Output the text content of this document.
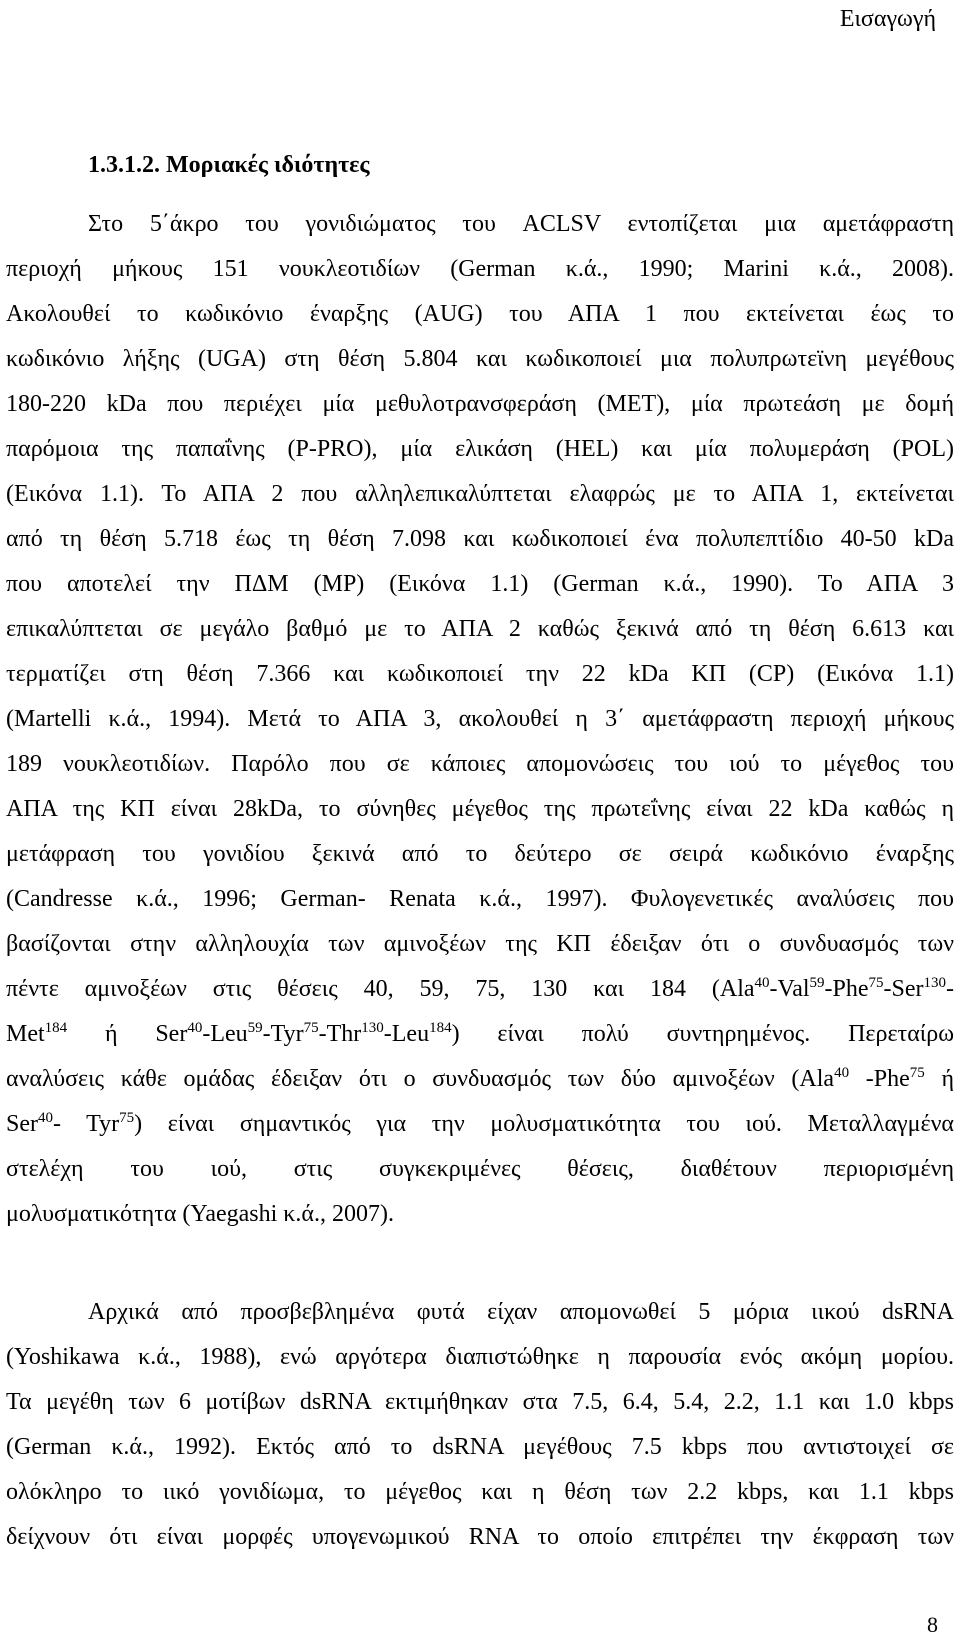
Εισαγωγή
1.3.1.2. Μοριακές ιδιότητες
Στο 5΄άκρο του γονιδιώματος του ACLSV εντοπίζεται μια αμετάφραστη
περιοχή μήκους 151 νουκλεοτιδίων (German κ.ά., 1990; Marini κ.ά., 2008).
Ακολουθεί το κωδικόνιο έναρξης (AUG) του ΑΠΑ 1 που εκτείνεται έως το
κωδικόνιο λήξης (UGA) στη θέση 5.804 και κωδικοποιεί μια πολυπρωτεϊνη μεγέθους
180-220 kDa που περιέχει μία μεθυλοτρανσφεράση (MET), μία πρωτεάση με δομή
παρόμοια της παπαΐνης (P-PRO), μία ελικάση (HEL) και μία πολυμεράση (POL)
(Εικόνα 1.1). Το ΑΠΑ 2 που αλληλεπικαλύπτεται ελαφρώς με το ΑΠΑ 1, εκτείνεται
από τη θέση 5.718 έως τη θέση 7.098 και κωδικοποιεί ένα πολυπεπτίδιο 40-50 kDa
που αποτελεί την ΠΔΜ (MP) (Εικόνα 1.1) (German κ.ά., 1990). Το ΑΠΑ 3
επικαλύπτεται σε μεγάλο βαθμό με το ΑΠΑ 2 καθώς ξεκινά από τη θέση 6.613 και
τερματίζει στη θέση 7.366 και κωδικοποιεί την 22 kDa ΚΠ (CP) (Εικόνα 1.1)
(Martelli κ.ά., 1994). Μετά το ΑΠΑ 3, ακολουθεί η 3΄ αμετάφραστη περιοχή μήκους
189 νουκλεοτιδίων. Παρόλο που σε κάποιες απομονώσεις του ιού το μέγεθος του
ΑΠΑ της ΚΠ είναι 28kDa, το σύνηθες μέγεθος της πρωτεΐνης είναι 22 kDa καθώς η
μετάφραση του γονιδίου ξεκινά από το δεύτερο σε σειρά κωδικόνιο έναρξης
(Candresse κ.ά., 1996; German- Renata κ.ά., 1997). Φυλογενετικές αναλύσεις που
βασίζονται στην αλληλουχία των αμινοξέων της ΚΠ έδειξαν ότι ο συνδυασμός των
πέντε αμινοξέων στις θέσεις 40, 59, 75, 130 και 184 (Ala$^{40}$-Val$^{59}$-Phe$^{75}$-Ser$^{130}$-
Met$^{184}$ ή Ser$^{40}$-Leu$^{59}$-Tyr$^{75}$-Thr$^{130}$-Leu$^{184}$) είναι πολύ συντηρημένος. Περεταίρω
αναλύσεις κάθε ομάδας έδειξαν ότι ο συνδυασμός των δύο αμινοξέων (Ala$^{40}$ -Phe$^{75}$ ή
Ser$^{40}$- Tyr$^{75}$) είναι σημαντικός για την μολυσματικότητα του ιού. Μεταλλαγμένα
στελέχη του ιού, στις συγκεκριμένες θέσεις, διαθέτουν περιορισμένη
μολυσματικότητα (Yaegashi κ.ά., 2007).
Αρχικά από προσβεβλημένα φυτά είχαν απομονωθεί 5 μόρια ιικού dsRNA
(Yoshikawa κ.ά., 1988), ενώ αργότερα διαπιστώθηκε η παρουσία ενός ακόμη μορίου.
Τα μεγέθη των 6 μοτίβων dsRNA εκτιμήθηκαν στα 7.5, 6.4, 5.4, 2.2, 1.1 και 1.0 kbps
(German κ.ά., 1992). Εκτός από το dsRNA μεγέθους 7.5 kbps που αντιστοιχεί σε
ολόκληρο το ιικό γονιδίωμα, το μέγεθος και η θέση των 2.2 kbps, και 1.1 kbps
δείχνουν ότι είναι μορφές υπογενωμικού RNA το οποίο επιτρέπει την έκφραση των
8
